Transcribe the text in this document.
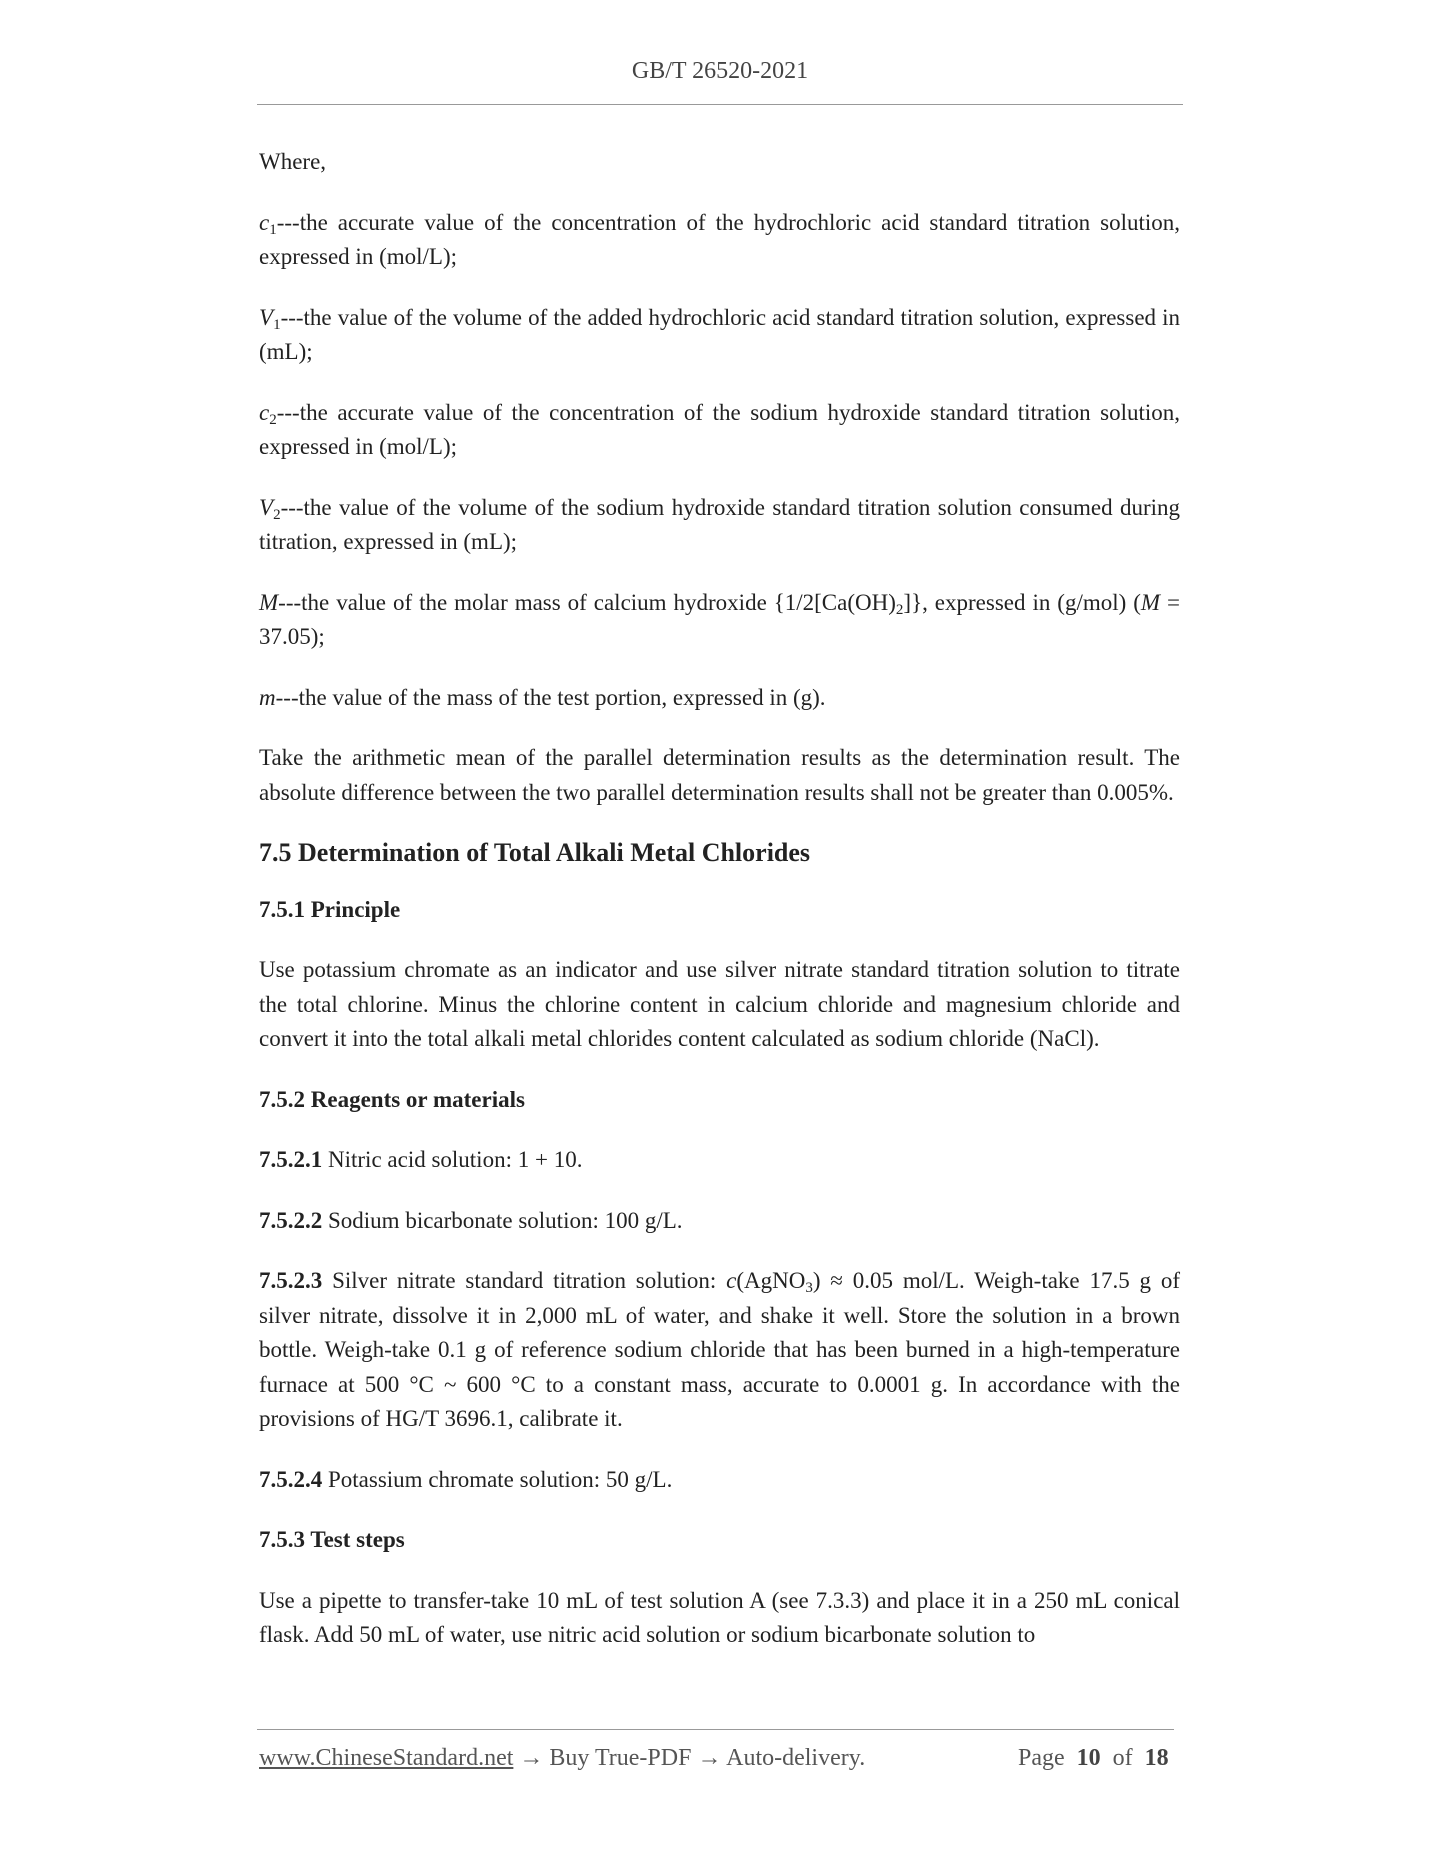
GB/T 26520-2021

Where,

$c_1--$-the accurate value of the concentration of the hydrochloric acid standard titration solution, expressed in (mol/L);

$V_1--$-the value of the volume of the added hydrochloric acid standard titration solution, expressed in (mL);

$c_2--$-the accurate value of the concentration of the sodium hydroxide standard titration solution, expressed in (mol/L);

$V_2--$-the value of the volume of the sodium hydroxide standard titration solution consumed during titration, expressed in (mL);

M---the value of the molar mass of calcium hydroxide $\{1/2[Ca(OH)_2]\}$, expressed in (g/mol) (M = 37.05);

m---the value of the mass of the test portion, expressed in (g).

Take the arithmetic mean of the parallel determination results as the determination result. The absolute difference between the two parallel determination results shall not be greater than 0.005%.

7.5 Determination of Total Alkali Metal Chlorides

7.5.1 Principle

Use potassium chromate as an indicator and use silver nitrate standard titration solution to titrate the total chlorine. Minus the chlorine content in calcium chloride and magnesium chloride and convert it into the total alkali metal chlorides content calculated as sodium chloride (NaCl).

7.5.2 Reagents or materials

7.5.2.1 Nitric acid solution: 1 + 10.

7.5.2.2 Sodium bicarbonate solution: 100 g/L.

7.5.2.3 Silver nitrate standard titration solution: c(AgNO$_3$) ≈ 0.05 mol/L. Weigh-take 17.5 g of silver nitrate, dissolve it in 2,000 mL of water, and shake it well. Store the solution in a brown bottle. Weigh-take 0.1 g of reference sodium chloride that has been burned in a high-temperature furnace at 500 °C ~ 600 °C to a constant mass, accurate to 0.0001 g. In accordance with the provisions of HG/T 3696.1, calibrate it.

7.5.2.4 Potassium chromate solution: 50 g/L.

7.5.3 Test steps

Use a pipette to transfer-take 10 mL of test solution A (see 7.3.3) and place it in a 250 mL conical flask. Add 50 mL of water, use nitric acid solution or sodium bicarbonate solution to

www.ChineseStandard.net → Buy True-PDF → Auto-delivery.	Page 10 of 18
